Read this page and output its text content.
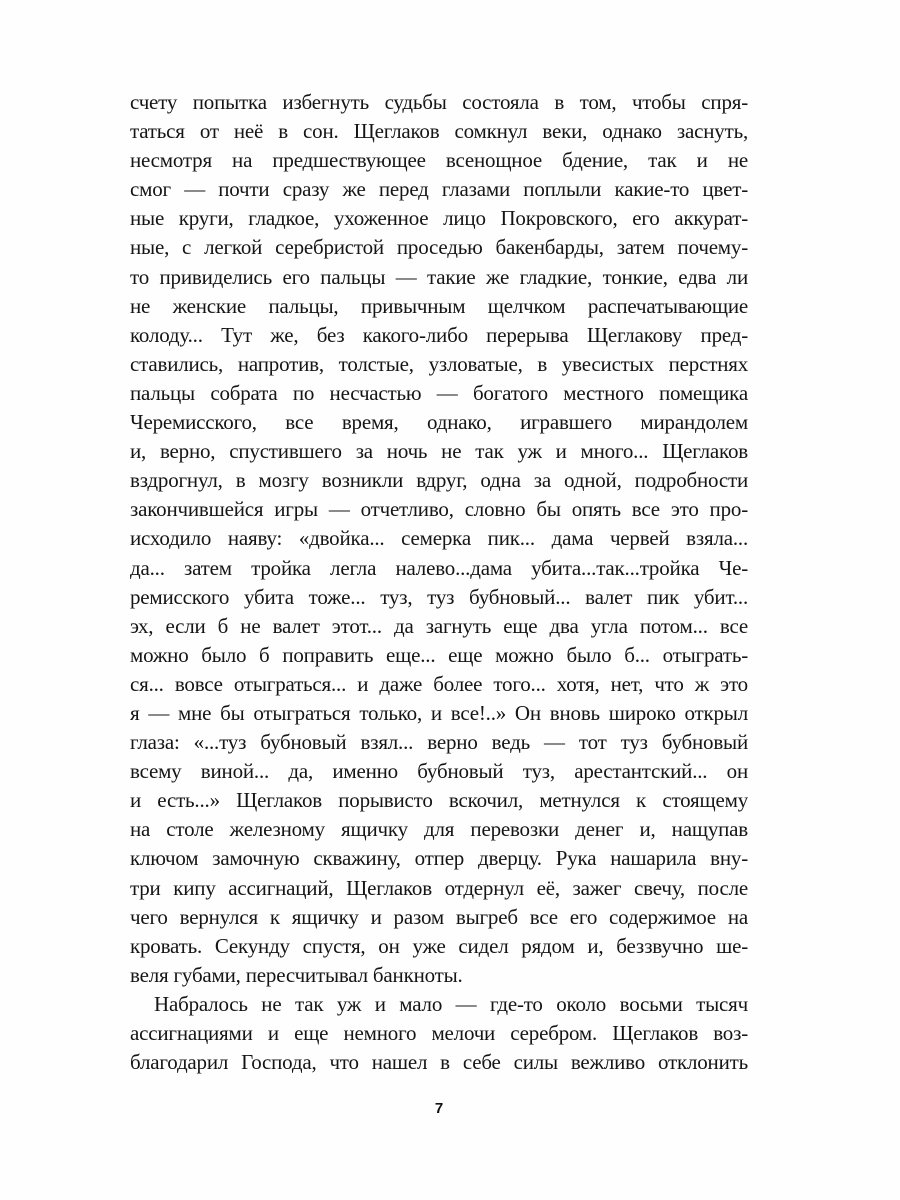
счету попытка избегнуть судьбы состояла в том, чтобы спря-
таться от неё в сон. Щеглаков сомкнул веки, однако заснуть,
несмотря на предшествующее всенощное бдение, так и не
смог — почти сразу же перед глазами поплыли какие-то цвет-
ные круги, гладкое, ухоженное лицо Покровского, его аккурат-
ные, с легкой серебристой проседью бакенбарды, затем почему-
то привиделись его пальцы — такие же гладкие, тонкие, едва ли
не женские пальцы, привычным щелчком распечатывающие
колоду... Тут же, без какого-либо перерыва Щеглакову пред-
ставились, напротив, толстые, узловатые, в увесистых перстнях
пальцы собрата по несчастью — богатого местного помещика
Черемисского, все время, однако, игравшего мирандолем
и, верно, спустившего за ночь не так уж и много... Щеглаков
вздрогнул, в мозгу возникли вдруг, одна за одной, подробности
закончившейся игры — отчетливо, словно бы опять все это про-
исходило наяву: «двойка... семерка пик... дама червей взяла...
да... затем тройка легла налево...дама убита...так...тройка Че-
ремисского убита тоже... туз, туз бубновый... валет пик убит...
эх, если б не валет этот... да загнуть еще два угла потом... все
можно было б поправить еще... еще можно было б... отыграть-
ся... вовсе отыграться... и даже более того... хотя, нет, что ж это
я — мне бы отыграться только, и все!..» Он вновь широко открыл
глаза: «...туз бубновый взял... верно ведь — тот туз бубновый
всему виной... да, именно бубновый туз, арестантский... он
и есть...» Щеглаков порывисто вскочил, метнулся к стоящему
на столе железному ящичку для перевозки денег и, нащупав
ключом замочную скважину, отпер дверцу. Рука нашарила вну-
три кипу ассигнаций, Щеглаков отдернул её, зажег свечу, после
чего вернулся к ящичку и разом выгреб все его содержимое на
кровать. Секунду спустя, он уже сидел рядом и, беззвучно ше-
веля губами, пересчитывал банкноты.
Набралось не так уж и мало — где-то около восьми тысяч
ассигнациями и еще немного мелочи серебром. Щеглаков воз-
благодарил Господа, что нашел в себе силы вежливо отклонить
7
